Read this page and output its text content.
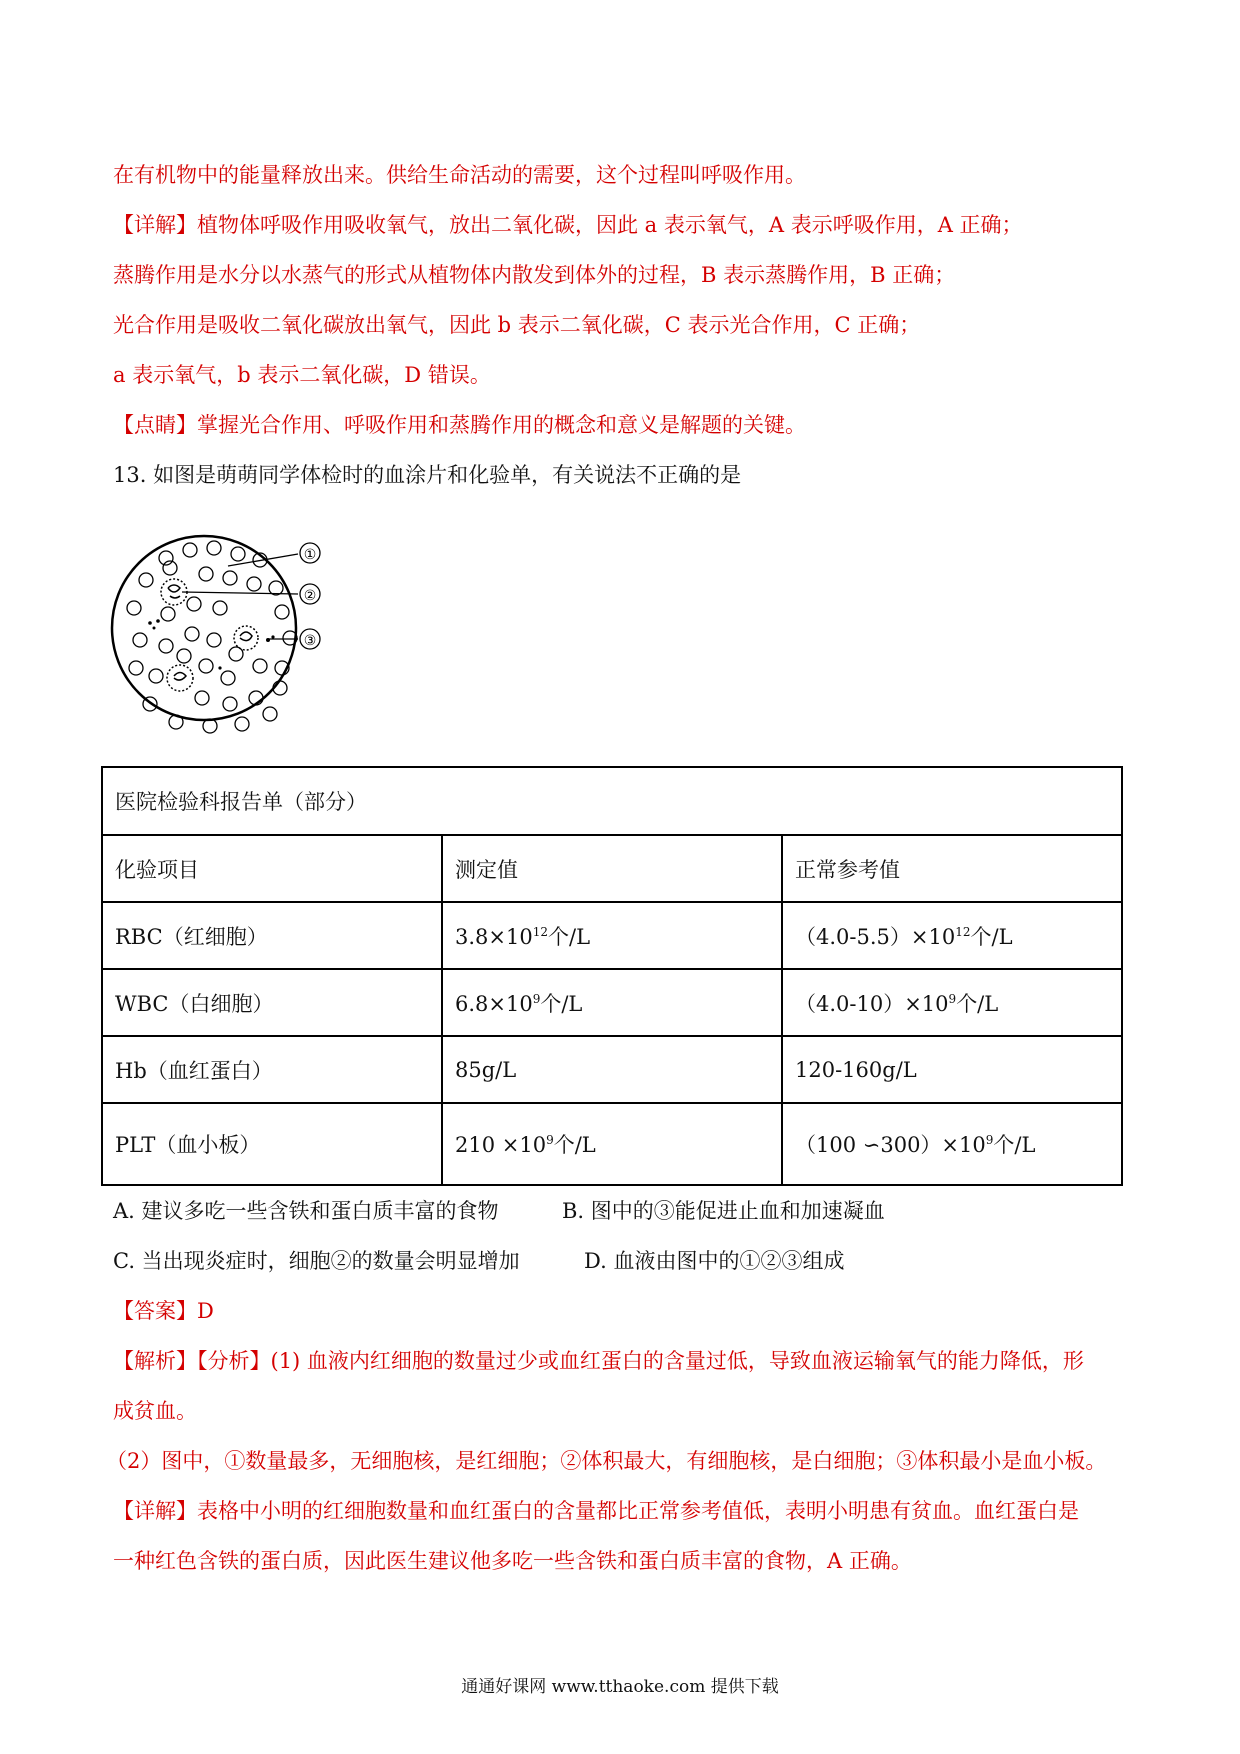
在有机物中的能量释放出来。供给生命活动的需要，这个过程叫呼吸作用。
【详解】植物体呼吸作用吸收氧气，放出二氧化碳，因此 a 表示氧气，A 表示呼吸作用，A 正确；
蒸腾作用是水分以水蒸气的形式从植物体内散发到体外的过程，B 表示蒸腾作用，B 正确；
光合作用是吸收二氧化碳放出氧气，因此 b 表示二氧化碳，C 表示光合作用，C 正确；
a 表示氧气，b 表示二氧化碳，D 错误。
【点睛】掌握光合作用、呼吸作用和蒸腾作用的概念和意义是解题的关键。
13. 如图是萌萌同学体检时的血涂片和化验单，有关说法不正确的是
①
②
③
医院检验科报告单（部分）		
化验项目	测定值	正常参考值
RBC（红细胞）	$3.8\times 10^{12}$个/L	$(4.0-5.5)\times 10^{12}$个/L
WBC（白细胞）	$6.8\times 10^9$个/L	$(4.0-10)\times 10^9$个/L
Hb（血红蛋白）	85g/L	120-160g/L
PLT（血小板）	$210 \times 10^9$个/L	（100 $∽300)\times 10^9$个/L
A. 建议多吃一些含铁和蛋白质丰富的食物	B. 图中的③能促进止血和加速凝血
C. 当出现炎症时，细胞②的数量会明显增加	D. 血液由图中的①②③组成
【答案】D
【解析】【分析】(1) 血液内红细胞的数量过少或血红蛋白的含量过低，导致血液运输氧气的能力降低，形
成贫血。
（2）图中，①数量最多，无细胞核，是红细胞；②体积最大，有细胞核，是白细胞；③体积最小是血小板。
【详解】表格中小明的红细胞数量和血红蛋白的含量都比正常参考值低，表明小明患有贫血。血红蛋白是
一种红色含铁的蛋白质，因此医生建议他多吃一些含铁和蛋白质丰富的食物，A 正确。
通通好课网 www.tthaoke.com 提供下载
